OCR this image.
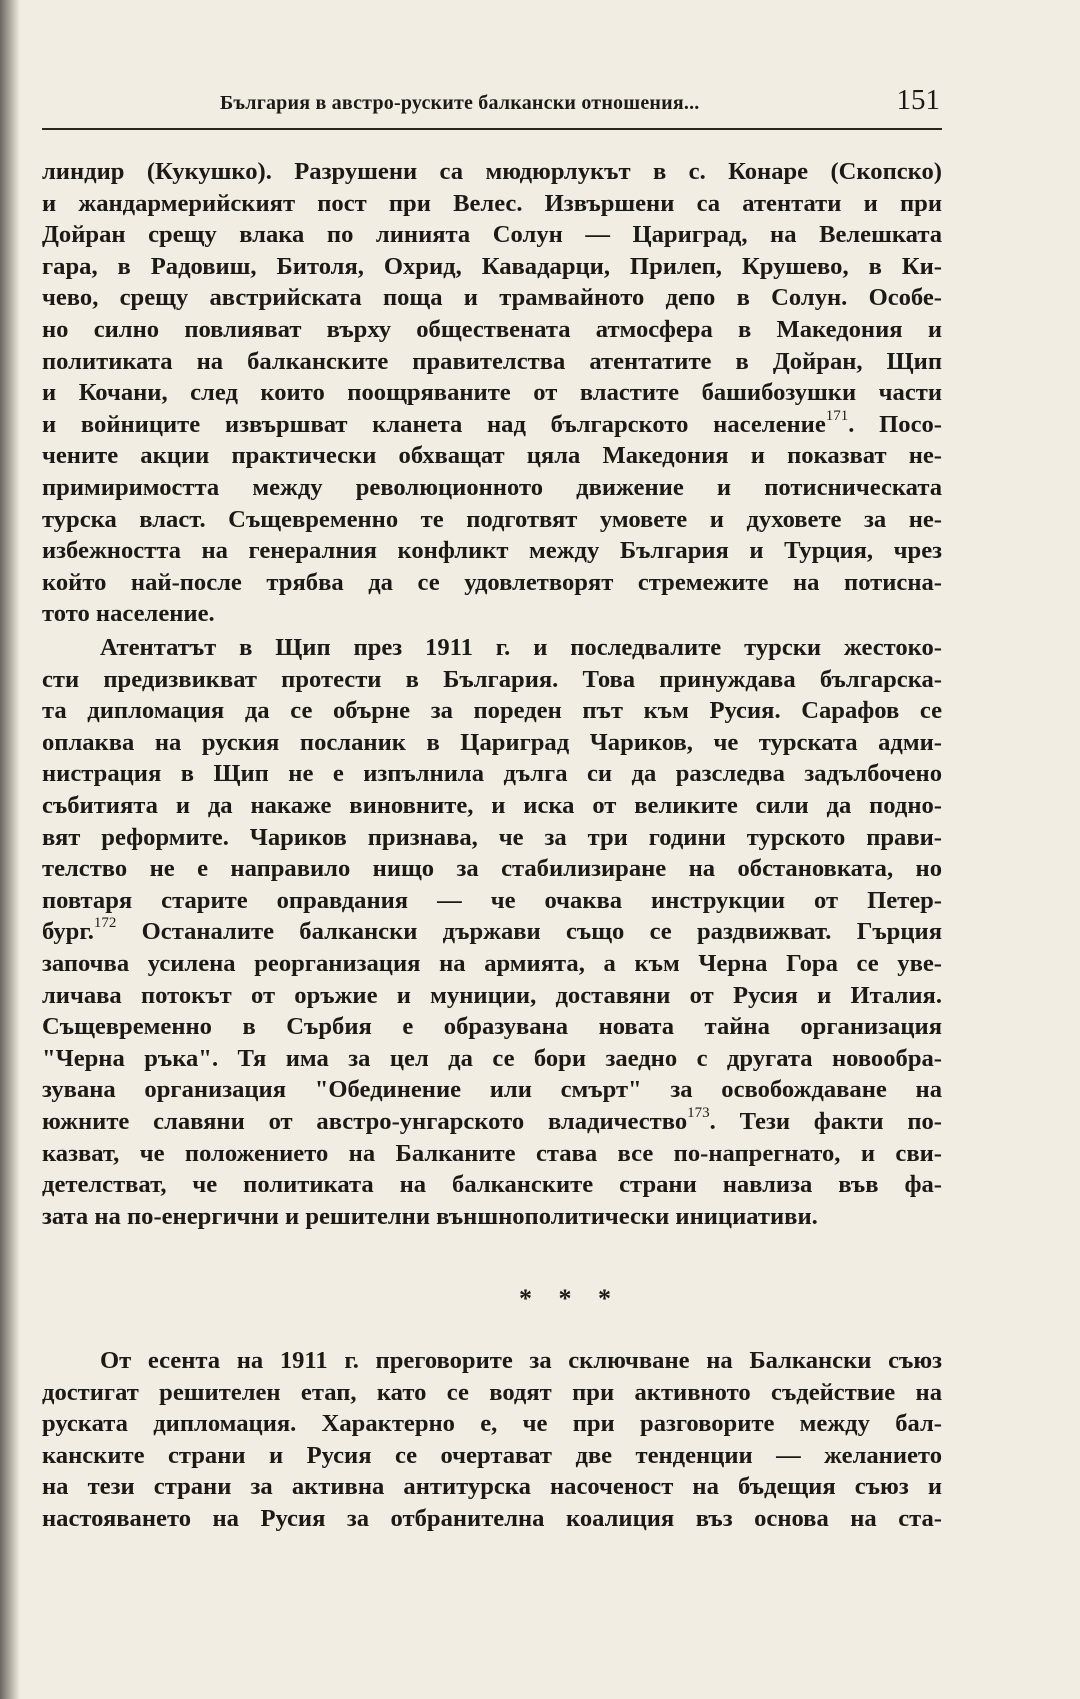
България в австро-руските балкански отношения...	151
линдир (Кукушко). Разрушени са мюдюрлукът в с. Конаре (Скопско)
и жандармерийският пост при Велес. Извършени са атентати и при
Дойран срещу влака по линията Солун — Цариград, на Велешката
гара, в Радовиш, Битоля, Охрид, Кавадарци, Прилеп, Крушево, в Ки-
чево, срещу австрийската поща и трамвайното депо в Солун. Особе-
но силно повлияват върху обществената атмосфера в Македония и
политиката на балканските правителства атентатите в Дойран, Щип
и Кочани, след които поощряваните от властите башибозушки части
и войниците извършват кланета над българското население$^{171}$. Посо-
чените акции практически обхващат цяла Македония и показват не-
примиримостта между революционното движение и потисническата
турска власт. Същевременно те подготвят умовете и духовете за не-
избежността на генералния конфликт между България и Турция, чрез
който най-после трябва да се удовлетворят стремежите на потисна-
тото население.
Атентатът в Щип през 1911 г. и последвалите турски жестоко-
сти предизвикват протести в България. Това принуждава българска-
та дипломация да се обърне за пореден път към Русия. Сарафов се
оплаква на руския посланик в Цариград Чариков, че турската адми-
нистрация в Щип не е изпълнила дълга си да разследва задълбочено
събитията и да накаже виновните, и иска от великите сили да подно-
вят реформите. Чариков признава, че за три години турското прави-
телство не е направило нищо за стабилизиране на обстановката, но
повтаря старите оправдания — че очаква инструкции от Петер-
бург.$^{172}$ Останалите балкански държави също се раздвижват. Гърция
започва усилена реорганизация на армията, а към Черна Гора се уве-
личава потокът от оръжие и муниции, доставяни от Русия и Италия.
Същевременно в Сърбия е образувана новата тайна организация
"Черна ръка". Тя има за цел да се бори заедно с другата новообра-
зувана организация "Обединение или смърт" за освобождаване на
южните славяни от австро-унгарското владичество$^{173}$. Тези факти по-
казват, че положението на Балканите става все по-напрегнато, и сви-
детелстват, че политиката на балканските страни навлиза във фа-
зата на по-енергични и решителни външнополитически инициативи.
* * *
От есента на 1911 г. преговорите за сключване на Балкански съюз
достигат решителен етап, като се водят при активното съдействие на
руската дипломация. Характерно е, че при разговорите между бал-
канските страни и Русия се очертават две тенденции — желанието
на тези страни за активна антитурска насоченост на бъдещия съюз и
настояването на Русия за отбранителна коалиция въз основа на ста-
